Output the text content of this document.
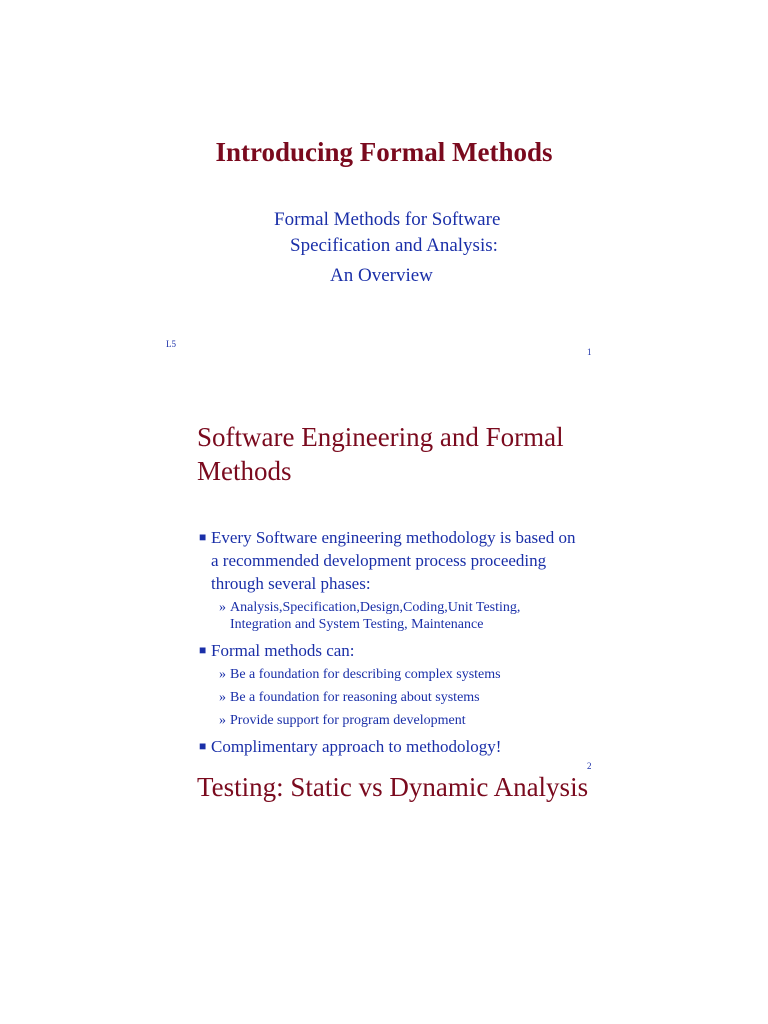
Introducing Formal Methods
Formal Methods for Software
Specification and Analysis:
An Overview
L5
1
Software Engineering and Formal Methods
■ Every Software engineering methodology is based on a recommended development process proceeding through several phases:
» Analysis,Specification,Design,Coding,Unit Testing, Integration and System Testing, Maintenance
■ Formal methods can:
» Be a foundation for describing complex systems
» Be a foundation for reasoning about systems
» Provide support for program development
■ Complimentary approach to methodology!
2
Testing: Static vs Dynamic Analysis
